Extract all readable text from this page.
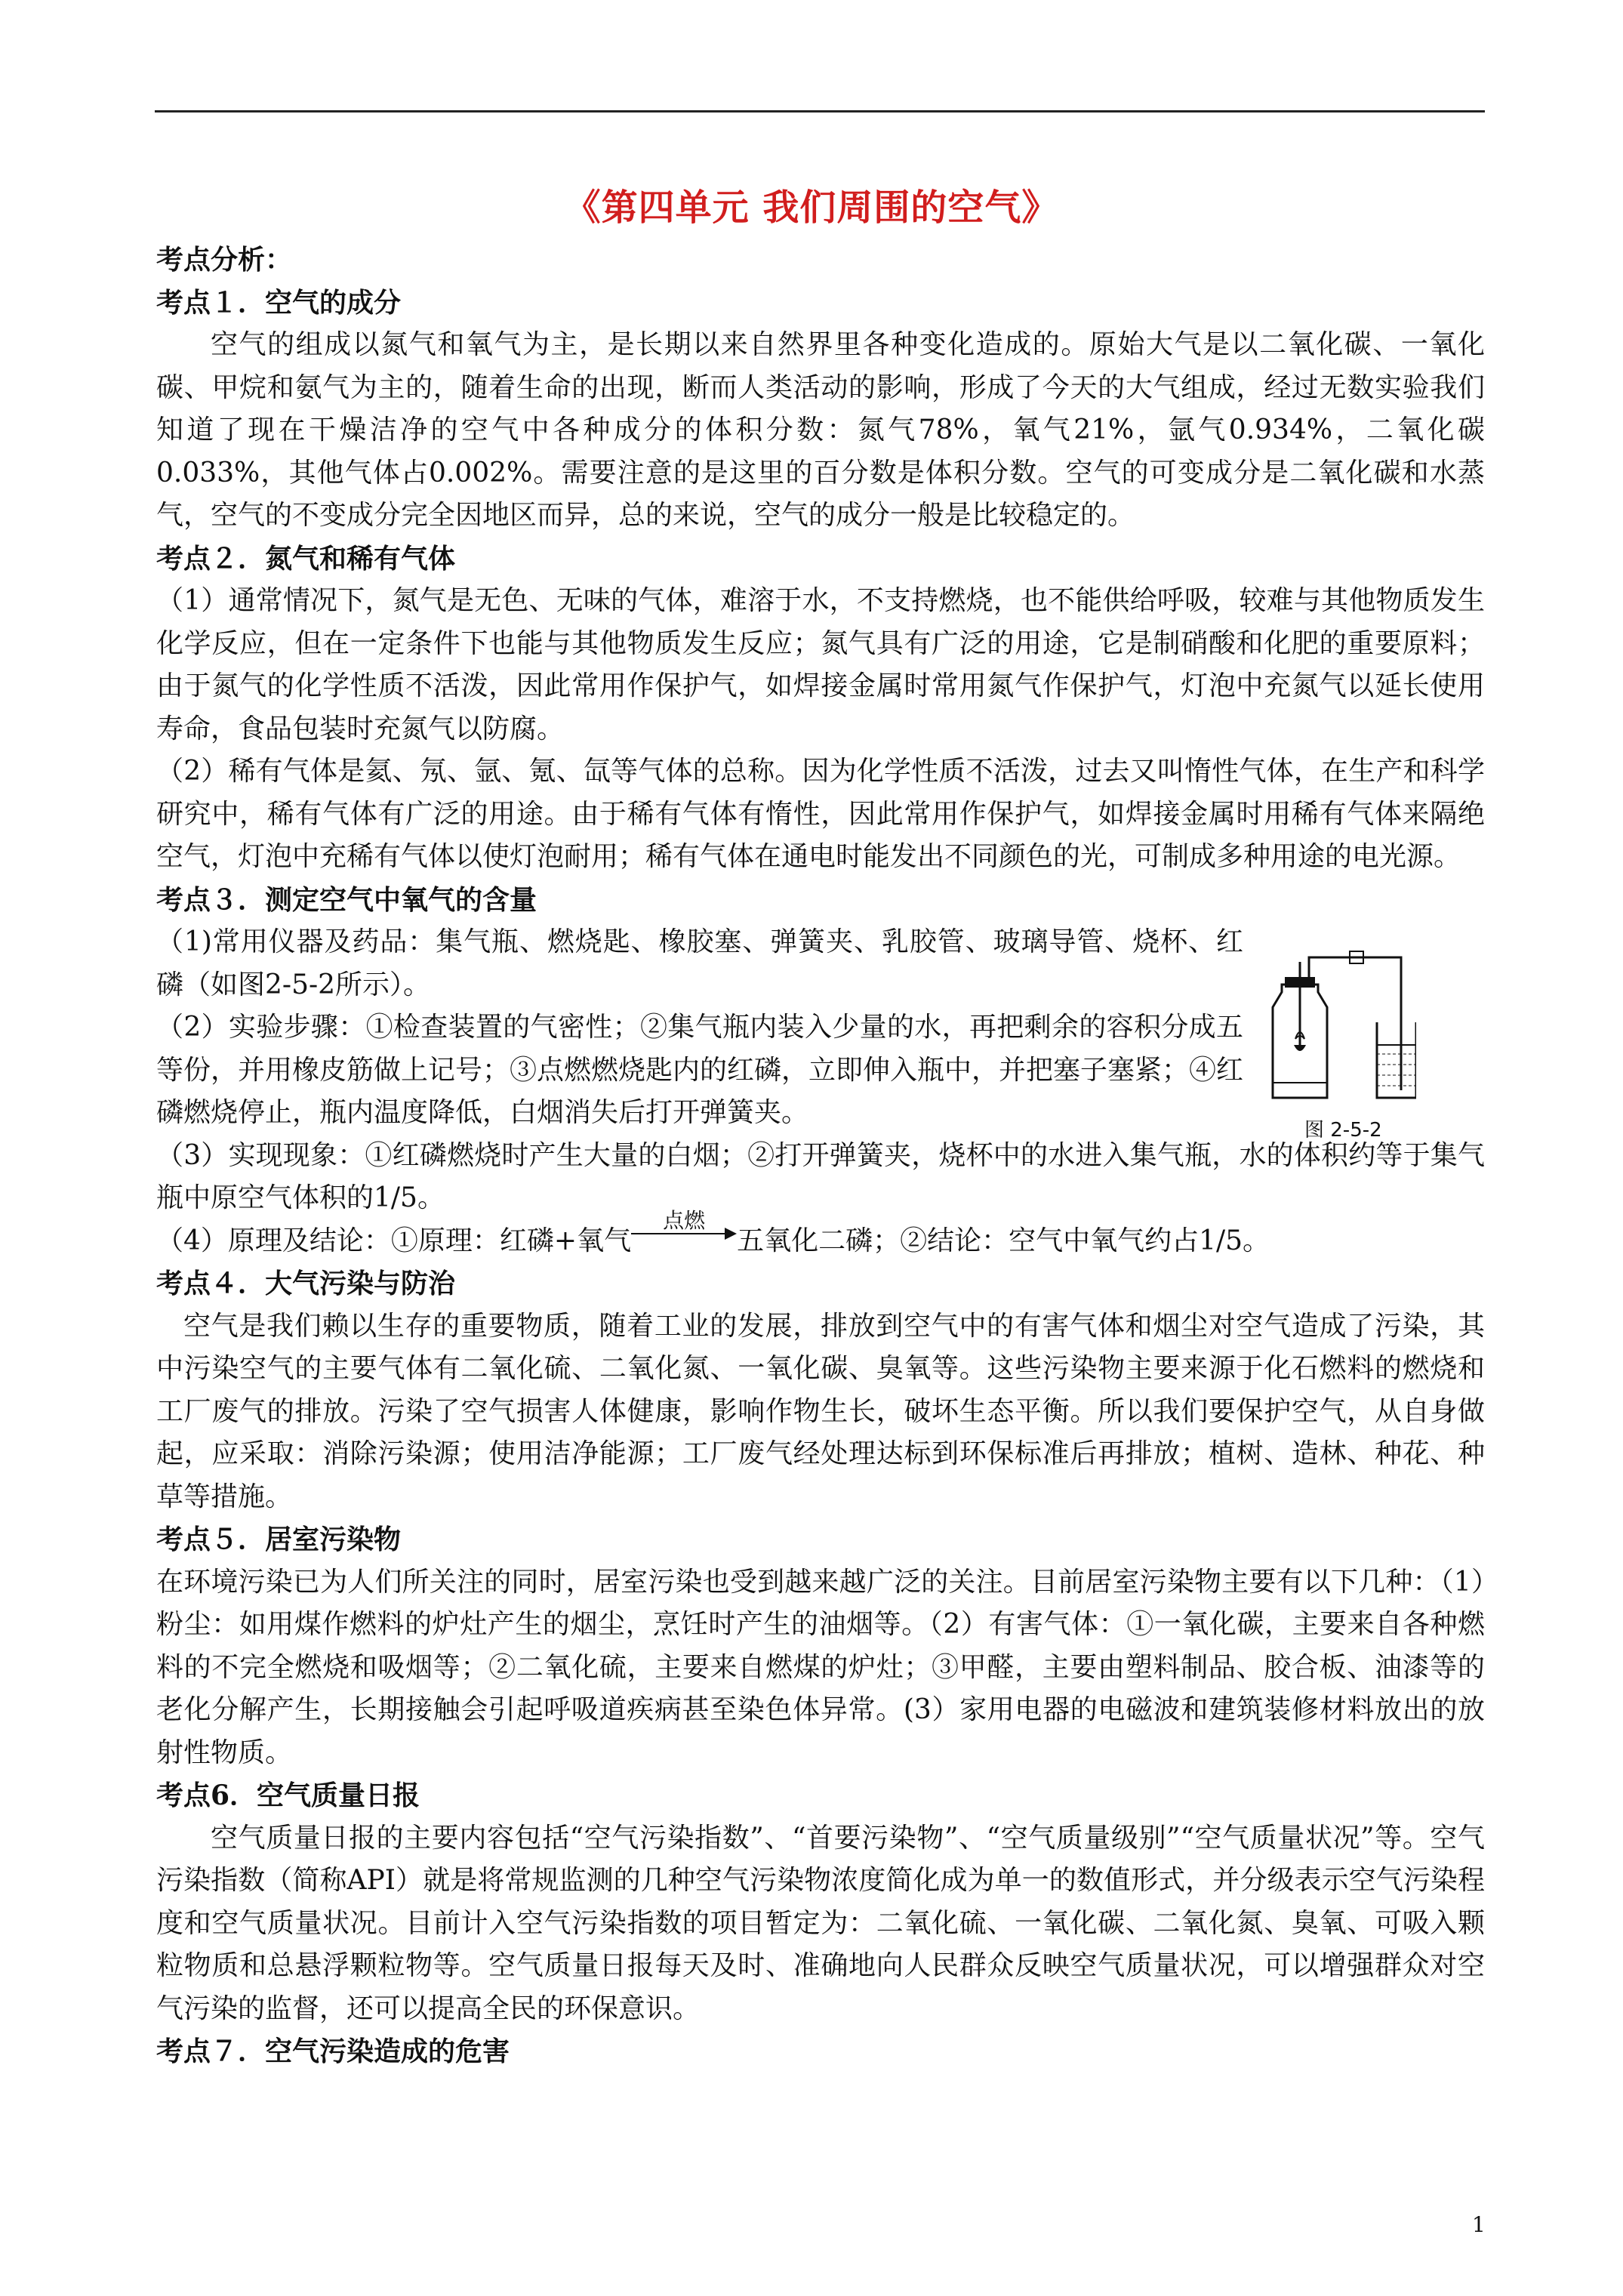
《第四单元 我们周围的空气》

考点分析：

考点１．空气的成分

空气的组成以氮气和氧气为主，是长期以来自然界里各种变化造成的。原始大气是以二氧化碳、一氧化碳、甲烷和氨气为主的，随着生命的出现，断而人类活动的影响，形成了今天的大气组成，经过无数实验我们知道了现在干燥洁净的空气中各种成分的体积分数：氮气78%，氧气21%，氩气0.934%，二氧化碳0.033%，其他气体占0.002%。需要注意的是这里的百分数是体积分数。空气的可变成分是二氧化碳和水蒸气，空气的不变成分完全因地区而异，总的来说，空气的成分一般是比较稳定的。

考点２．氮气和稀有气体

（1）通常情况下，氮气是无色、无味的气体，难溶于水，不支持燃烧，也不能供给呼吸，较难与其他物质发生化学反应，但在一定条件下也能与其他物质发生反应；氮气具有广泛的用途，它是制硝酸和化肥的重要原料；由于氮气的化学性质不活泼，因此常用作保护气，如焊接金属时常用氮气作保护气，灯泡中充氮气以延长使用寿命，食品包装时充氮气以防腐。

（2）稀有气体是氦、氖、氩、氪、氙等气体的总称。因为化学性质不活泼，过去又叫惰性气体，在生产和科学研究中，稀有气体有广泛的用途。由于稀有气体有惰性，因此常用作保护气，如焊接金属时用稀有气体来隔绝空气，灯泡中充稀有气体以使灯泡耐用；稀有气体在通电时能发出不同颜色的光，可制成多种用途的电光源。

考点３．测定空气中氧气的含量

（1)常用仪器及药品：集气瓶、燃烧匙、橡胶塞、弹簧夹、乳胶管、玻璃导管、烧杯、红磷（如图2-5-2所示）。

（2）实验步骤：①检查装置的气密性；②集气瓶内装入少量的水，再把剩余的容积分成五等份，并用橡皮筋做上记号；③点燃燃烧匙内的红磷，立即伸入瓶中，并把塞子塞紧；④红磷燃烧停止，瓶内温度降低，白烟消失后打开弹簧夹。

（3）实现现象：①红磷燃烧时产生大量的白烟；②打开弹簧夹，烧杯中的水进入集气瓶，水的体积约等于集气瓶中原空气体积的1/5。

（4）原理及结论：①原理：红磷+氧气
点燃
五氧化二磷；②结论：空气中氧气约占1/5。

考点４．大气污染与防治

空气是我们赖以生存的重要物质，随着工业的发展，排放到空气中的有害气体和烟尘对空气造成了污染，其中污染空气的主要气体有二氧化硫、二氧化氮、一氧化碳、臭氧等。这些污染物主要来源于化石燃料的燃烧和工厂废气的排放。污染了空气损害人体健康，影响作物生长，破坏生态平衡。所以我们要保护空气，从自身做起，应采取：消除污染源；使用洁净能源；工厂废气经处理达标到环保标准后再排放；植树、造林、种花、种草等措施。

考点５．居室污染物

在环境污染已为人们所关注的同时，居室污染也受到越来越广泛的关注。目前居室污染物主要有以下几种：（1）粉尘：如用煤作燃料的炉灶产生的烟尘，烹饪时产生的油烟等。（2）有害气体：①一氧化碳，主要来自各种燃料的不完全燃烧和吸烟等；②二氧化硫，主要来自燃煤的炉灶；③甲醛，主要由塑料制品、胶合板、油漆等的老化分解产生，长期接触会引起呼吸道疾病甚至染色体异常。(3）家用电器的电磁波和建筑装修材料放出的放射性物质。

考点6．空气质量日报

空气质量日报的主要内容包括“空气污染指数”、“首要污染物”、“空气质量级别”“空气质量状况”等。空气污染指数（简称API）就是将常规监测的几种空气污染物浓度简化成为单一的数值形式，并分级表示空气污染程度和空气质量状况。目前计入空气污染指数的项目暂定为：二氧化硫、一氧化碳、二氧化氮、臭氧、可吸入颗粒物质和总悬浮颗粒物等。空气质量日报每天及时、准确地向人民群众反映空气质量状况，可以增强群众对空气污染的监督，还可以提高全民的环保意识。

考点７．空气污染造成的危害

图 2-5-2
1
